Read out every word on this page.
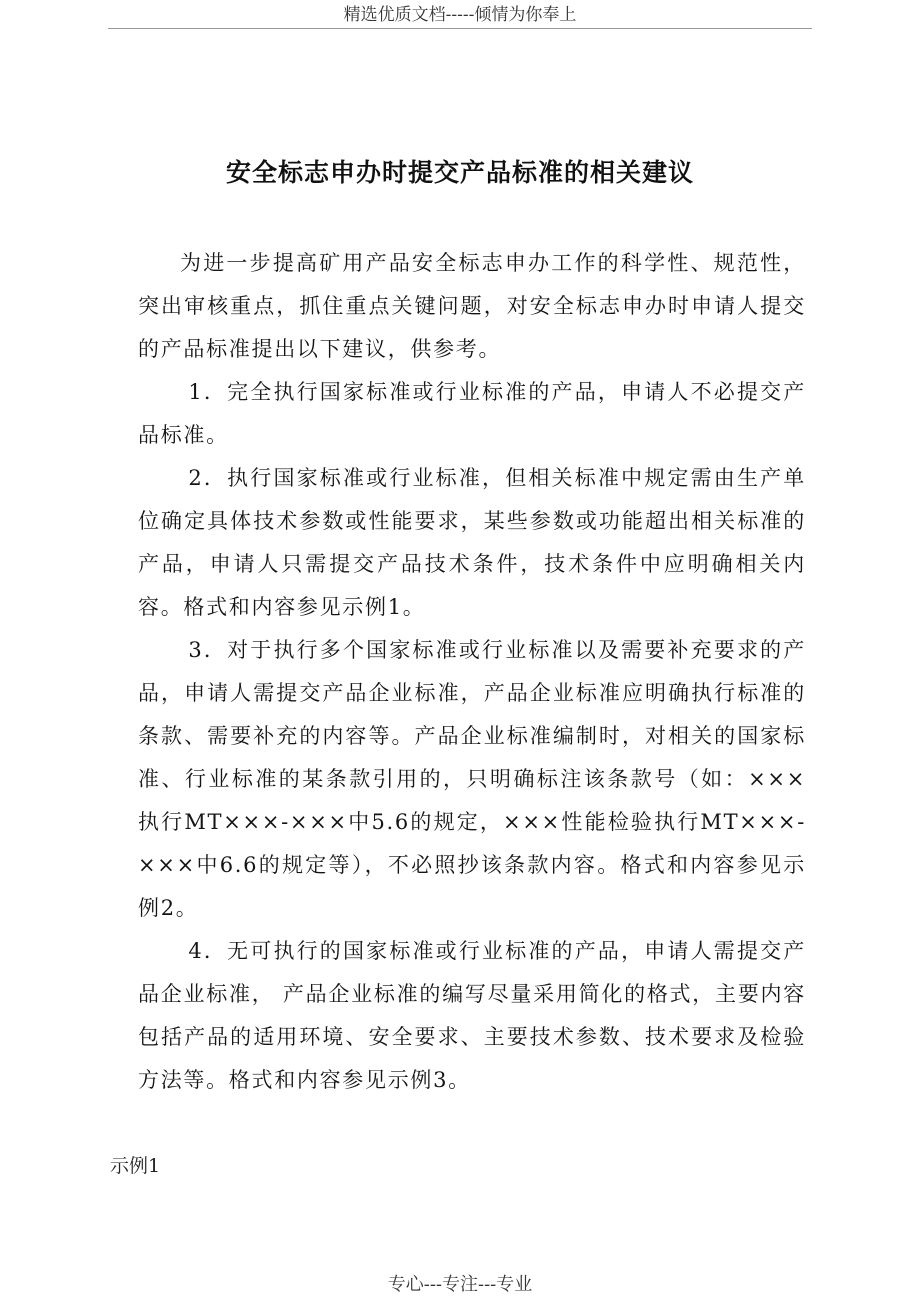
精选优质文档-----倾情为你奉上
安全标志申办时提交产品标准的相关建议

为进一步提高矿用产品安全标志申办工作的科学性、规范性，突出审核重点，抓住重点关键问题，对安全标志申办时申请人提交的产品标准提出以下建议，供参考。

1．完全执行国家标准或行业标准的产品，申请人不必提交产品标准。

2．执行国家标准或行业标准，但相关标准中规定需由生产单位确定具体技术参数或性能要求，某些参数或功能超出相关标准的产品，申请人只需提交产品技术条件，技术条件中应明确相关内容。格式和内容参见示例1。

3．对于执行多个国家标准或行业标准以及需要补充要求的产品，申请人需提交产品企业标准，产品企业标准应明确执行标准的条款、需要补充的内容等。产品企业标准编制时，对相关的国家标准、行业标准的某条款引用的，只明确标注该条款号（如：×××执行MT×××-×××中5.6的规定，×××性能检验执行MT×××-×××中6.6的规定等），不必照抄该条款内容。格式和内容参见示例2。

4．无可执行的国家标准或行业标准的产品，申请人需提交产品企业标准， 产品企业标准的编写尽量采用简化的格式，主要内容包括产品的适用环境、安全要求、主要技术参数、技术要求及检验方法等。格式和内容参见示例3。

示例1
专心---专注---专业
